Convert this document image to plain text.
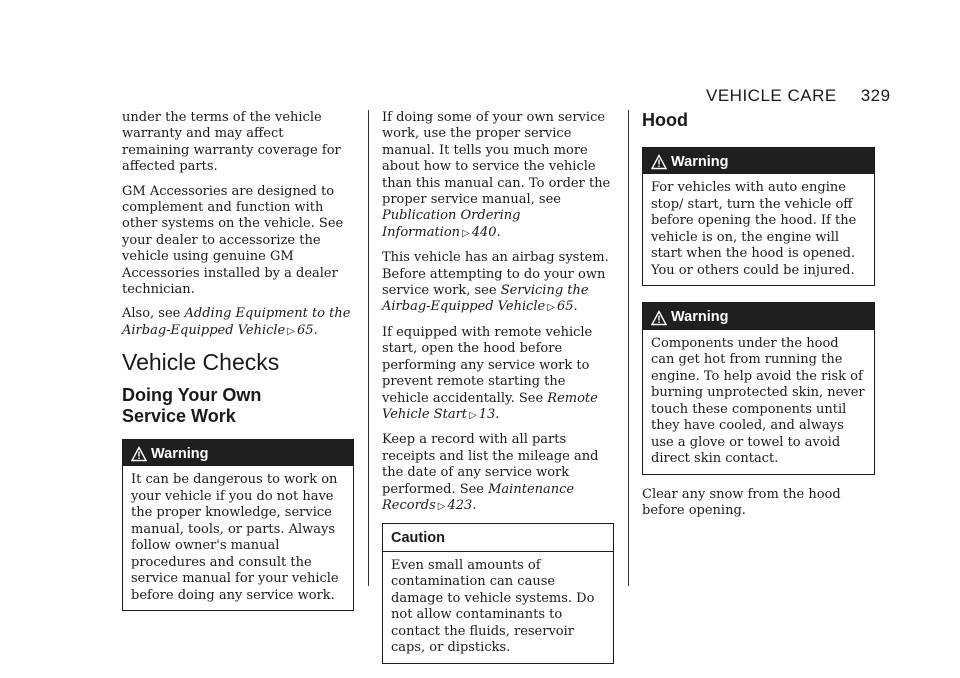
VEHICLE CARE 329

under the terms of the vehicle warranty and may affect remaining warranty coverage for affected parts.

GM Accessories are designed to complement and function with other systems on the vehicle. See your dealer to accessorize the vehicle using genuine GM Accessories installed by a dealer technician.

Also, see Adding Equipment to the Airbag-Equipped Vehicle ▷ 65.

Vehicle Checks
Doing Your Own
Service Work
Warning
It can be dangerous to work on your vehicle if you do not have the proper knowledge, service manual, tools, or parts. Always follow owner's manual procedures and consult the service manual for your vehicle before doing any service work.

If doing some of your own service work, use the proper service manual. It tells you much more about how to service the vehicle than this manual can. To order the proper service manual, see Publication Ordering Information ▷ 440.

This vehicle has an airbag system. Before attempting to do your own service work, see Servicing the Airbag-Equipped Vehicle ▷ 65.

If equipped with remote vehicle start, open the hood before performing any service work to prevent remote starting the vehicle accidentally. See Remote Vehicle Start ▷ 13.

Keep a record with all parts receipts and list the mileage and the date of any service work performed. See Maintenance Records ▷ 423.

Caution
Even small amounts of contamination can cause damage to vehicle systems. Do not allow contaminants to contact the fluids, reservoir caps, or dipsticks.
Hood
Warning
For vehicles with auto engine stop/ start, turn the vehicle off before opening the hood. If the vehicle is on, the engine will start when the hood is opened. You or others could be injured.
Warning
Components under the hood can get hot from running the engine. To help avoid the risk of burning unprotected skin, never touch these components until they have cooled, and always use a glove or towel to avoid direct skin contact.

Clear any snow from the hood before opening.
